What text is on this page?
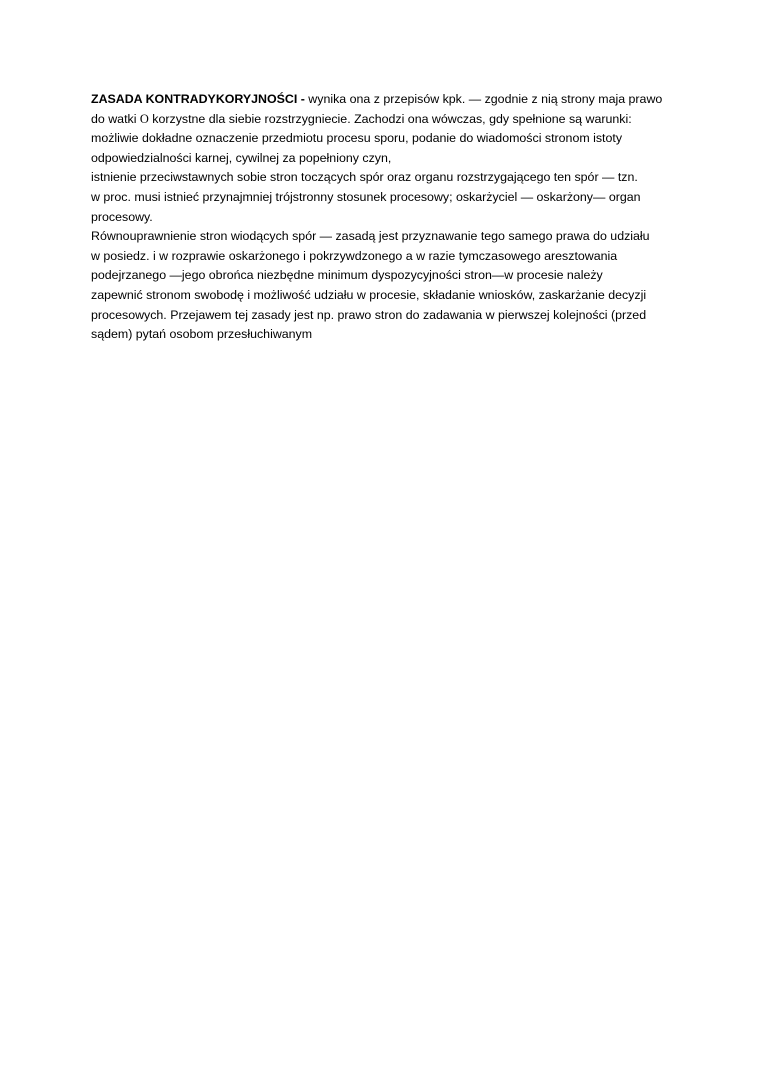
ZASADA KONTRADYKORYJNOŚCI - wynika ona z przepisów kpk. — zgodnie z nią strony maja prawo
do watki O korzystne dla siebie rozstrzygniecie. Zachodzi ona wówczas, gdy spełnione są warunki:
możliwie dokładne oznaczenie przedmiotu procesu sporu, podanie do wiadomości stronom istoty
odpowiedzialności karnej, cywilnej za popełniony czyn,
istnienie przeciwstawnych sobie stron toczących spór oraz organu rozstrzygającego ten spór — tzn.
w proc. musi istnieć przynajmniej trójstronny stosunek procesowy; oskarżyciel — oskarżony— organ
procesowy.
Równouprawnienie stron wiodących spór — zasadą jest przyznawanie tego samego prawa do udziału
w posiedz. i w rozprawie oskarżonego i pokrzywdzonego a w razie tymczasowego aresztowania
podejrzanego —jego obrońca niezbędne minimum dyspozycyjności stron—w procesie należy
zapewnić stronom swobodę i możliwość udziału w procesie, składanie wniosków, zaskarżanie decyzji
procesowych. Przejawem tej zasady jest np. prawo stron do zadawania w pierwszej kolejności (przed
sądem) pytań osobom przesłuchiwanym
